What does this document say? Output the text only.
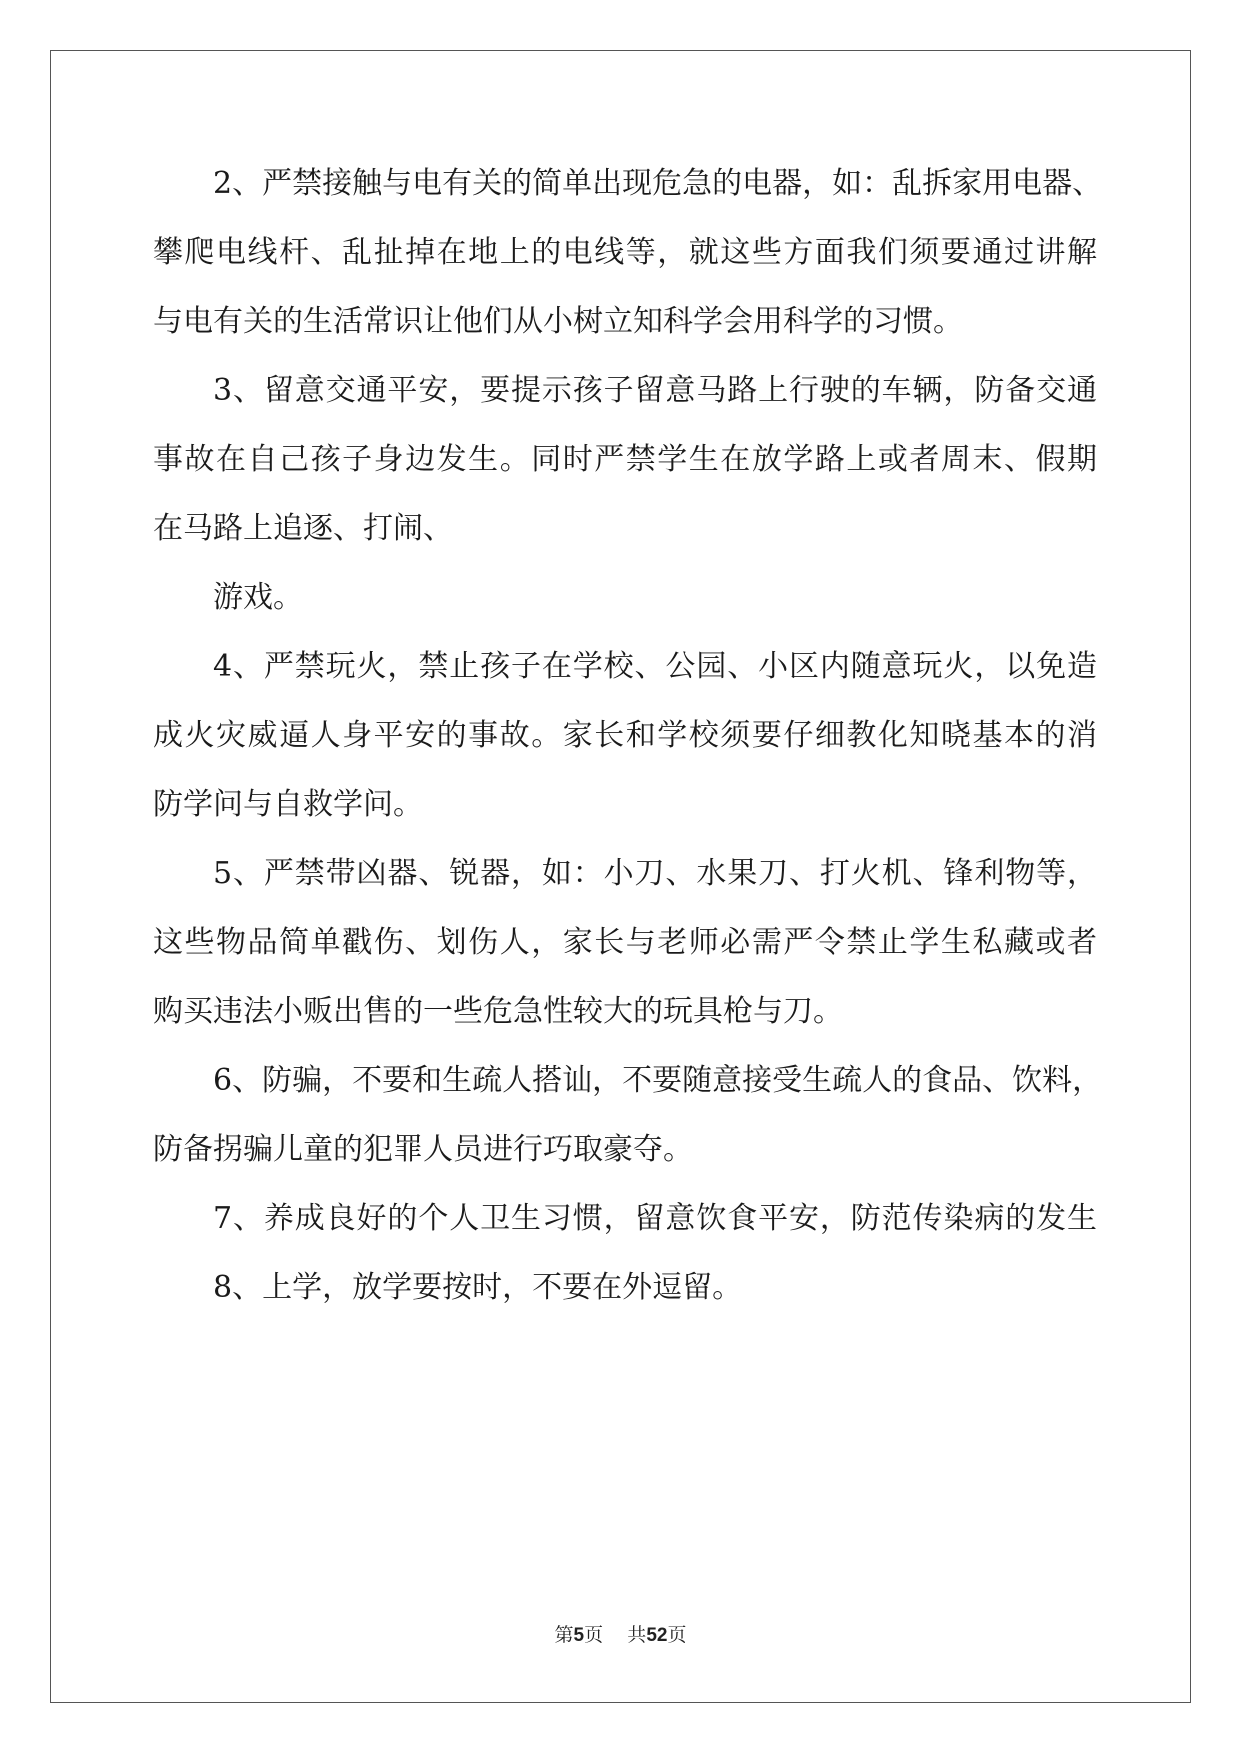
2、严禁接触与电有关的简单出现危急的电器，如：乱拆家用电器、
攀爬电线杆、乱扯掉在地上的电线等，就这些方面我们须要通过讲解
与电有关的生活常识让他们从小树立知科学会用科学的习惯。
3、留意交通平安，要提示孩子留意马路上行驶的车辆，防备交通
事故在自己孩子身边发生。同时严禁学生在放学路上或者周末、假期
在马路上追逐、打闹、
游戏。
4、严禁玩火，禁止孩子在学校、公园、小区内随意玩火，以免造
成火灾威逼人身平安的事故。家长和学校须要仔细教化知晓基本的消
防学问与自救学问。
5、严禁带凶器、锐器，如：小刀、水果刀、打火机、锋利物等，
这些物品简单戳伤、划伤人，家长与老师必需严令禁止学生私藏或者
购买违法小贩出售的一些危急性较大的玩具枪与刀。
6、防骗，不要和生疏人搭讪，不要随意接受生疏人的食品、饮料，
防备拐骗儿童的犯罪人员进行巧取豪夺。
7、养成良好的个人卫生习惯，留意饮食平安，防范传染病的发生
8、上学，放学要按时，不要在外逗留。
第5页 共52页
